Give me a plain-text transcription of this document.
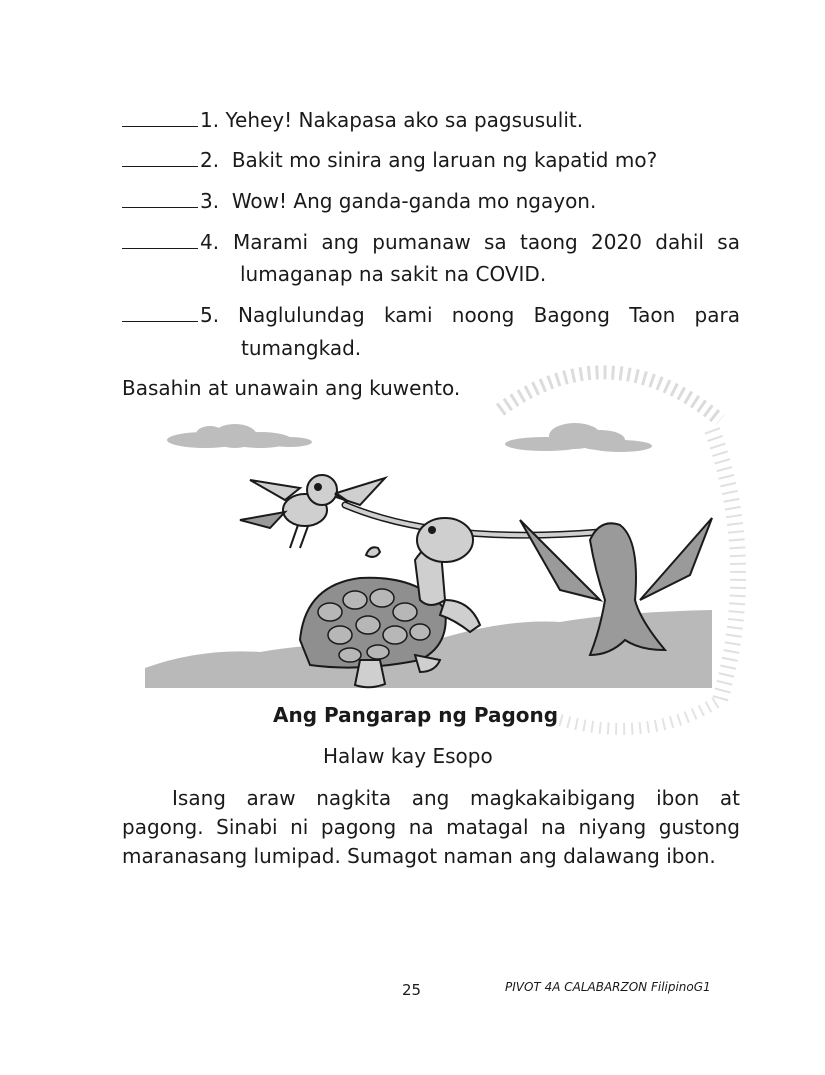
1. Yehey! Nakapasa ako sa pagsusulit.
2. Bakit mo sinira ang laruan ng kapatid mo?
3. Wow! Ang ganda-ganda mo ngayon.
4. Marami ang pumanaw sa taong 2020 dahil sa
lumaganap na sakit na COVID.
5. Naglulundag kami noong Bagong Taon para
tumangkad.
Basahin at unawain ang kuwento.
Ang Pangarap ng Pagong
Halaw kay Esopo
Isang araw nagkita ang magkakaibigang ibon at pagong. Sinabi ni pagong na matagal na niyang gustong maranasang lumipad. Sumagot naman ang dalawang ibon.
25	PIVOT 4A CALABARZON FilipinoG1
